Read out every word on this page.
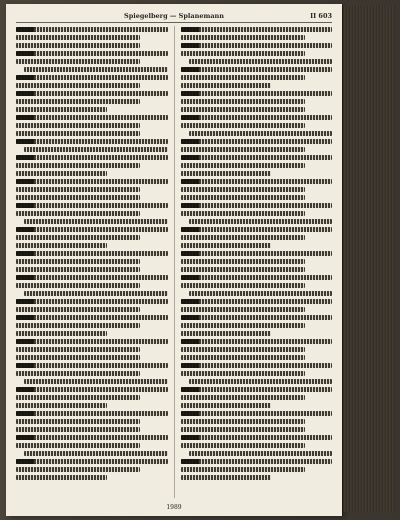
Spiegelberg — Splanemann	II 603
1989
